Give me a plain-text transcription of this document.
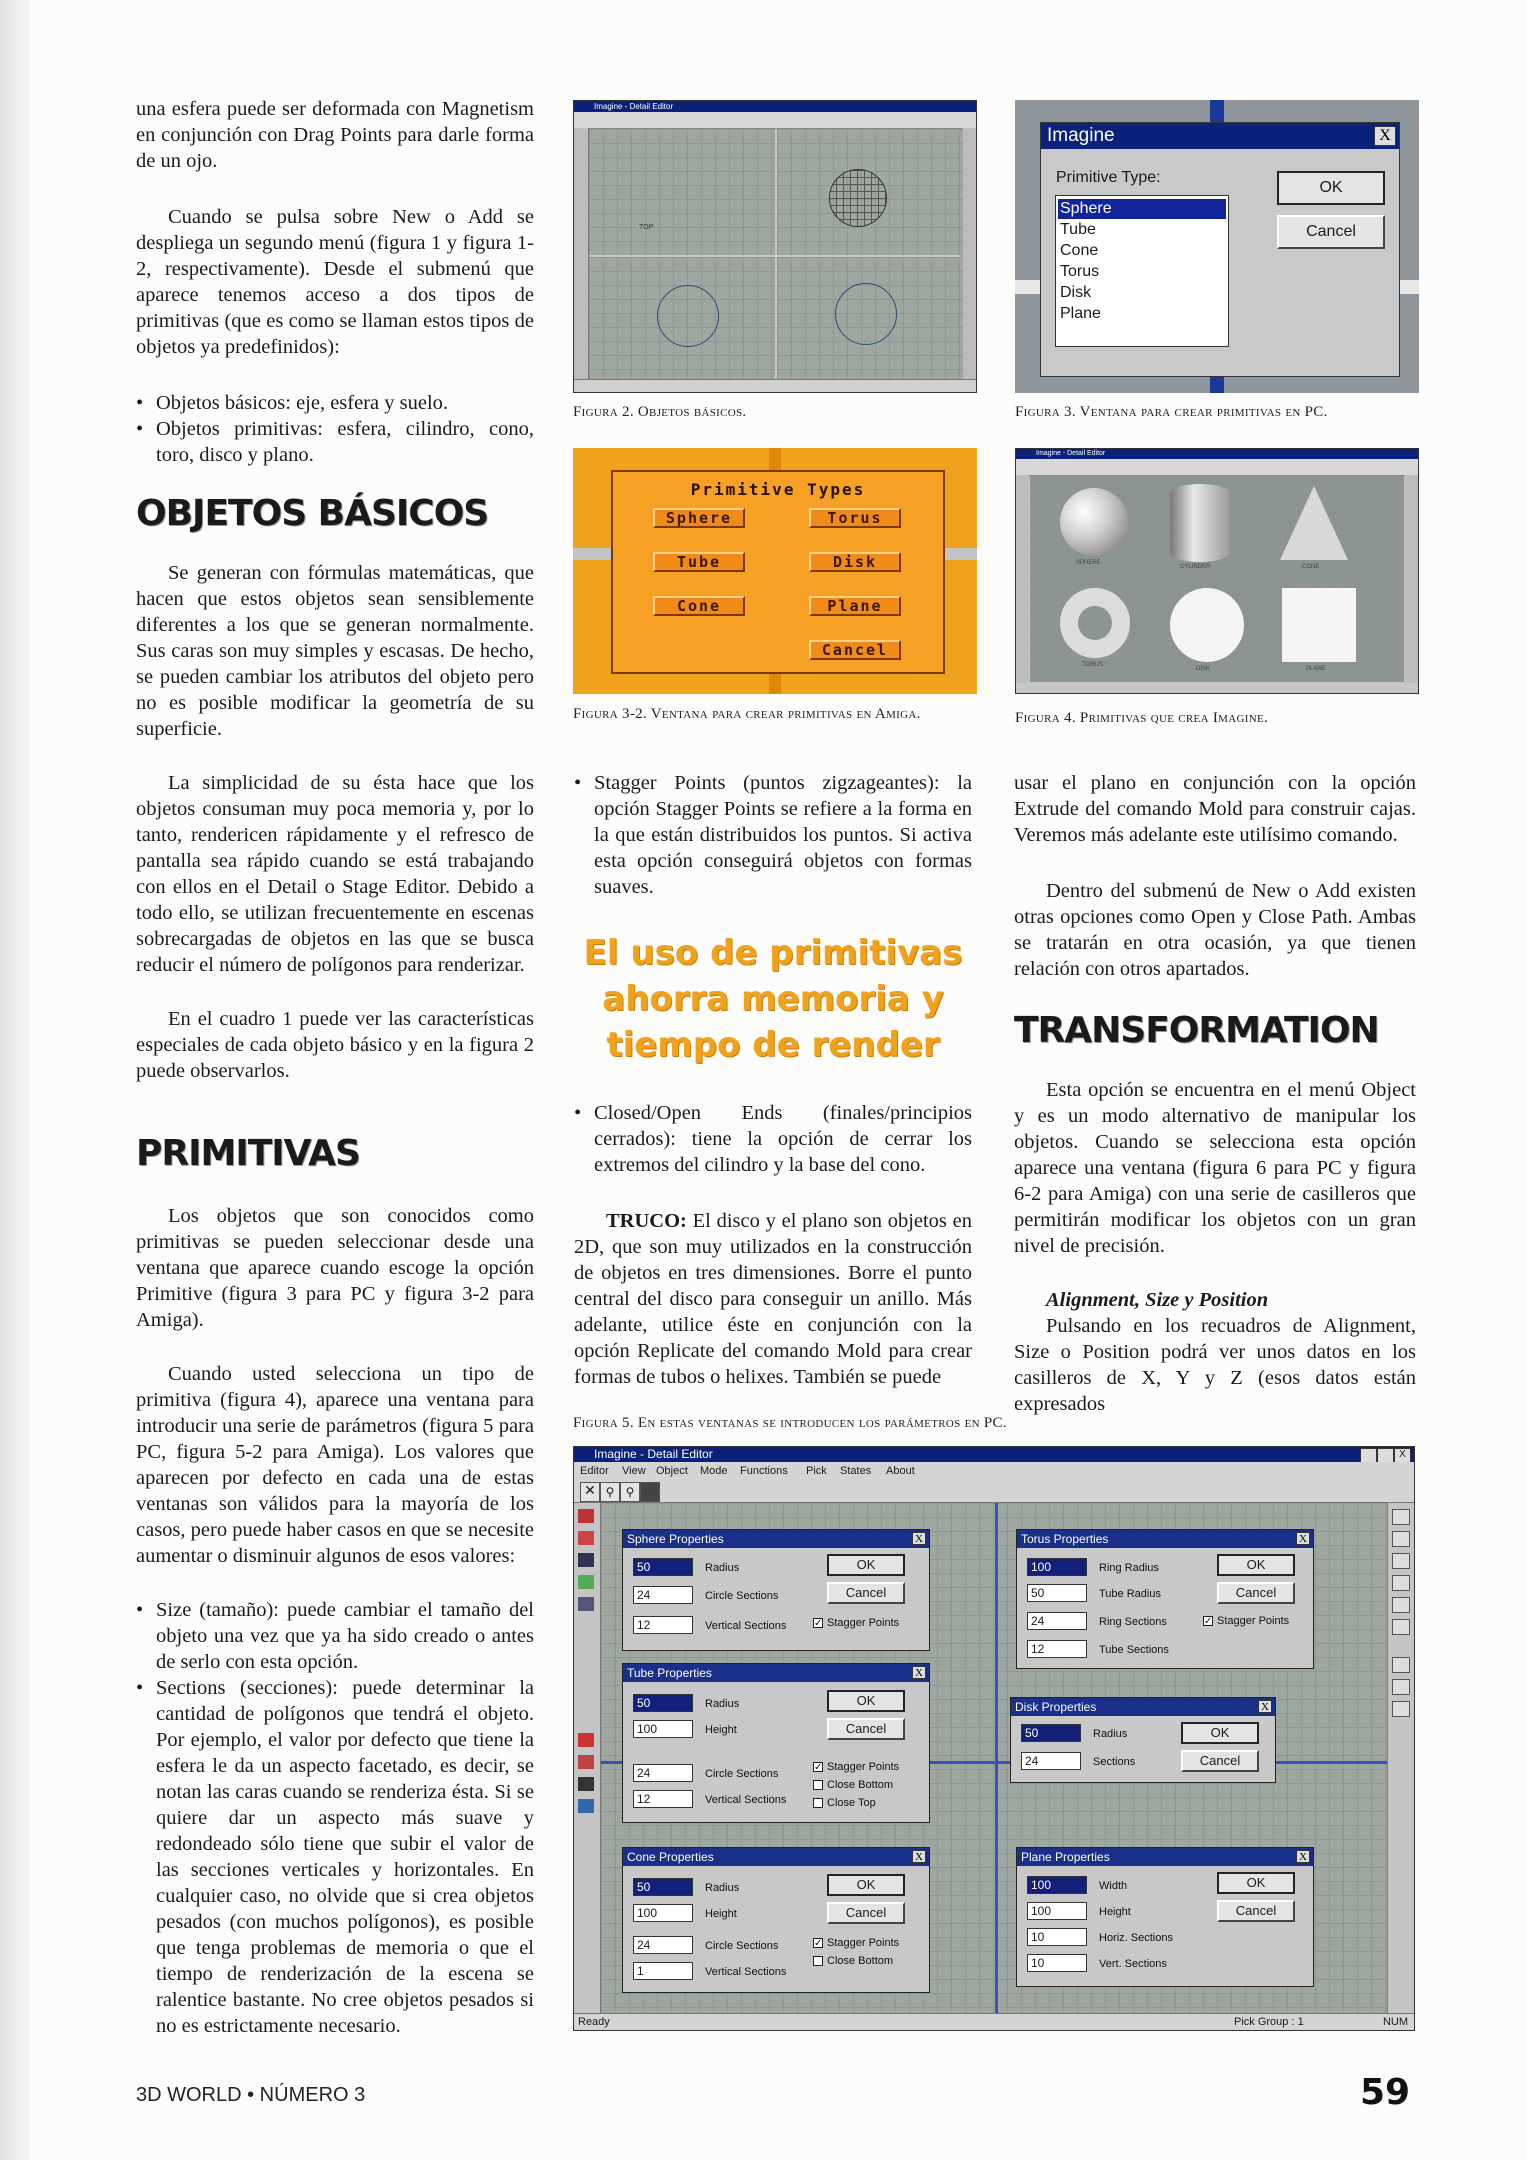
una esfera puede ser deformada con Magnetism en conjunción con Drag Points para darle forma de un ojo.

Cuando se pulsa sobre New o Add se despliega un segundo menú (figura 1 y figura 1-2, respectivamente). Desde el submenú que aparece tenemos acceso a dos tipos de primitivas (que es como se llaman estos tipos de objetos ya predefinidos):

• Objetos básicos: eje, esfera y suelo.
• Objetos primitivas: esfera, cilindro, cono, toro, disco y plano.
OBJETOS BÁSICOS

Se generan con fórmulas matemáticas, que hacen que estos objetos sean sensiblemente diferentes a los que se generan normalmente. Sus caras son muy simples y escasas. De hecho, se pueden cambiar los atributos del objeto pero no es posible modificar la geometría de su superficie.

La simplicidad de su ésta hace que los objetos consuman muy poca memoria y, por lo tanto, rendericen rápidamente y el refresco de pantalla sea rápido cuando se está trabajando con ellos en el Detail o Stage Editor. Debido a todo ello, se utilizan frecuentemente en escenas sobrecargadas de objetos en las que se busca reducir el número de polígonos para renderizar.

En el cuadro 1 puede ver las características especiales de cada objeto básico y en la figura 2 puede observarlos.

PRIMITIVAS

Los objetos que son conocidos como primitivas se pueden seleccionar desde una ventana que aparece cuando escoge la opción Primitive (figura 3 para PC y figura 3-2 para Amiga).

Cuando usted selecciona un tipo de primitiva (figura 4), aparece una ventana para introducir una serie de parámetros (figura 5 para PC, figura 5-2 para Amiga). Los valores que aparecen por defecto en cada una de estas ventanas son válidos para la mayoría de los casos, pero puede haber casos en que se necesite aumentar o disminuir algunos de esos valores:

• Size (tamaño): puede cambiar el tamaño del objeto una vez que ya ha sido creado o antes de serlo con esta opción.
• Sections (secciones): puede determinar la cantidad de polígonos que tendrá el objeto. Por ejemplo, el valor por defecto que tiene la esfera le da un aspecto facetado, es decir, se notan las caras cuando se renderiza ésta. Si se quiere dar un aspecto más suave y redondeado sólo tiene que subir el valor de las secciones verticales y horizontales. En cualquier caso, no olvide que si crea objetos pesados (con muchos polígonos), es posible que tenga problemas de memoria o que el tiempo de renderización de la escena se ralentice bastante. No cree objetos pesados si no es estrictamente necesario.
• Stagger Points (puntos zigzageantes): la opción Stagger Points se refiere a la forma en la que están distribuidos los puntos. Si activa esta opción conseguirá objetos con formas suaves.
El uso de primitivas ahorra memoria y tiempo de render
• Closed/Open Ends (finales/principios cerrados): tiene la opción de cerrar los extremos del cilindro y la base del cono.

TRUCO: El disco y el plano son objetos en 2D, que son muy utilizados en la construcción de objetos en tres dimensiones. Borre el punto central del disco para conseguir un anillo. Más adelante, utilice éste en conjunción con la opción Replicate del comando Mold para crear formas de tubos o helixes. También se puede

usar el plano en conjunción con la opción Extrude del comando Mold para construir cajas. Veremos más adelante este utilísimo comando.

Dentro del submenú de New o Add existen otras opciones como Open y Close Path. Ambas se tratarán en otra ocasión, ya que tienen relación con otros apartados.

TRANSFORMATION

Esta opción se encuentra en el menú Object y es un modo alternativo de manipular los objetos. Cuando se selecciona esta opción aparece una ventana (figura 6 para PC y figura 6-2 para Amiga) con una serie de casilleros que permitirán modificar los objetos con un gran nivel de precisión.

Alignment, Size y Position

Pulsando en los recuadros de Alignment, Size o Position podrá ver unos datos en los casilleros de X, Y y Z (esos datos están expresados

Imagine - Detail Editor
TOP
Figura 2. Objetos básicos.
Imagine	X
Primitive Type:
Sphere
Tube
Cone
Torus
Disk
Plane
OK
Cancel
Figura 3. Ventana para crear primitivas en PC.
Primitive Types
Sphere	Torus
Tube	Disk
Cone	Plane
Cancel
Figura 3-2. Ventana para crear primitivas en Amiga.
Imagine - Detail Editor
SPHERE
CYLINDER	CONE
TORUS
DISK	PLANE
Figura 4. Primitivas que crea Imagine.
Figura 5. En estas ventanas se introducen los parámetros en PC.
Imagine - Detail Editor	X
Editor View Object Mode Functions Pick States About
✕ ⚲ ⚲
Sphere Properties	X
50	Radius
24	Circle Sections
12	Vertical Sections
OK
Cancel
✓ Stagger Points
Torus Properties	X
100	Ring Radius
50	Tube Radius
24	Ring Sections
12	Tube Sections
OK
Cancel
✓ Stagger Points
Tube Properties	X
50	Radius
100	Height
24	Circle Sections
12	Vertical Sections
OK
Cancel
✓ Stagger Points
Close Bottom
Close Top
Disk Properties	X
50	Radius
24	Sections
OK
Cancel
Cone Properties	X
50	Radius
100	Height
24	Circle Sections
1	Vertical Sections
OK
Cancel
✓ Stagger Points
Close Bottom
Plane Properties	X
100	Width
100	Height
10	Horiz. Sections
10	Vert. Sections
OK
Cancel
Ready	Pick Group : 1	NUM
3D WORLD • NÚMERO 3	59
